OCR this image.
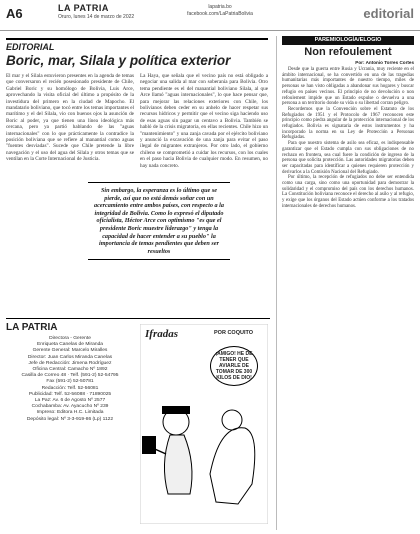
A6	LA PATRIA
Oruro, lunes 14 de marzo de 2022
lapatria.bo
facebook.com/LaPatriaBolivia	editorial
EDITORIAL
Boric, mar, Silala y política exterior
El mar y el Silala estuvieron presentes en la agenda de temas que conversaron el recién posesionado presidente de Chile, Gabriel Boric y su homólogo de Bolivia, Luis Arce, aprovechando la visita oficial del último a propósito de la investidura del primero en la ciudad de Mapocho. El mandatario boliviano, que tocó entre los temas importantes el marítimo y el del Silala, vio con buenos ojos la asunción de Boric al poder, ya que tienen una línea ideológica más cercana, pero ya partió hablando de las "aguas internacionales" con lo que prácticamente la contradice la posición boliviana que se refiere al manantial como aguas "fuentes desviadas". Sucede que Chile pretende la libre navegación y el uso del agua del Silala y otros temas que se ventilan en la Corte Internacional de Justicia.
La Haya, que señala que el vecino país no está obligado a negociar una salida al mar con soberanía para Bolivia. Otro tema pendiente es el del manantial boliviano Silala, al que Arce llamó "aguas internacionales", lo que hace pensar que, para mejorar las relaciones exteriores con Chile, los bolivianos deben ceder en su anhelo de hacer respetar sus recursos hídricos y permitir que el vecino siga haciendo uso de esas aguas sin pagar un centavo a Bolivia. También se habló de la crisis migratoria, en ellas recientes. Chile hizo un "mantenimiento" y una zanja cavada por el ejército boliviano y anunció la excavación de una zanja para evitar el paso ilegal de migrantes extranjeros. Por otro lado, el gobierno chileno se comprometió a cuidar los recursos, con los cuales en el paso hacia Bolivia de cualquier modo. En resumen, no hay nada concreto.
Sin embargo, la esperanza es lo último que se pierde, así que no está demás soñar con un acercamiento entre ambos países, con respecto a la integridad de Bolivia. Como lo expresó el diputado oficialista, Héctor Arce con optimismo "es que el presidente Boric muestre liderazgo" y tenga la capacidad de hacer entender a su pueblo" la importancia de temas pendientes que deben ser resueltos
PAREMIOLOGÍA/ELOGIO
Non refoulement
Por: Antonio Torres Cortes

Desde que la guerra entre Rusia y Ucrania, muy reciente en el ámbito internacional, se ha convertido en una de las tragedias humanitarias más importantes de nuestro tiempo, miles de personas se han visto obligadas a abandonar sus hogares y buscar refugio en países vecinos. El principio de no devolución o non refoulement impide que un Estado expulse o devuelva a una persona a un territorio donde su vida o su libertad corran peligro.

Recordemos que la Convención sobre el Estatuto de los Refugiados de 1951 y el Protocolo de 1967 reconocen este principio como piedra angular de la protección internacional de los refugiados. Bolivia es signataria de estos instrumentos y ha incorporado la norma en su Ley de Protección a Personas Refugiadas.

Para que nuestro sistema de asilo sea eficaz, es indispensable garantizar que el Estado cumpla con sus obligaciones de no rechazo en frontera, sea cual fuere la condición de ingreso de la persona que solicita protección. Las autoridades migratorias deben ser capacitadas para identificar a quienes requieren protección y derivarlos a la Comisión Nacional del Refugiado.

Por último, la recepción de refugiados no debe ser entendida como una carga, sino como una oportunidad para demostrar la solidaridad y el compromiso del país con los derechos humanos. La Constitución boliviana reconoce el derecho al asilo y al refugio, y exige que los órganos del Estado actúen conforme a los tratados internacionales de derechos humanos.

LA PATRIA
Directora - Gerente
Enriqueta Canelas de Miranda
Gerente General: Marcelo Miralles
Director: Juan Carlos Miranda Canelas
Jefe de Redacción: Jimena Rodríguez
Oficina Central: Camacho Nº 1892
Casilla de Correo 48 · Telf. (591-2) 52-54795
Fax (591-2) 52-50781
Redacción: Telf. 52-56081
Publicidad: Telf. 52-56088 · 71890025
La Paz: Av. 6 de Agosto Nº 2577
Cochabamba: Av. Ayacucho Nº 239
Impreso: Editora H.C. Limitada
Depósito legal: Nº 3-3-919-86 (Lp) 1122
Ifradas	POR COQUITO
¡AMIGO! HE DE TENER QUE AVIARLE DE TOMAR DE 300 KILOS DE DIO!
